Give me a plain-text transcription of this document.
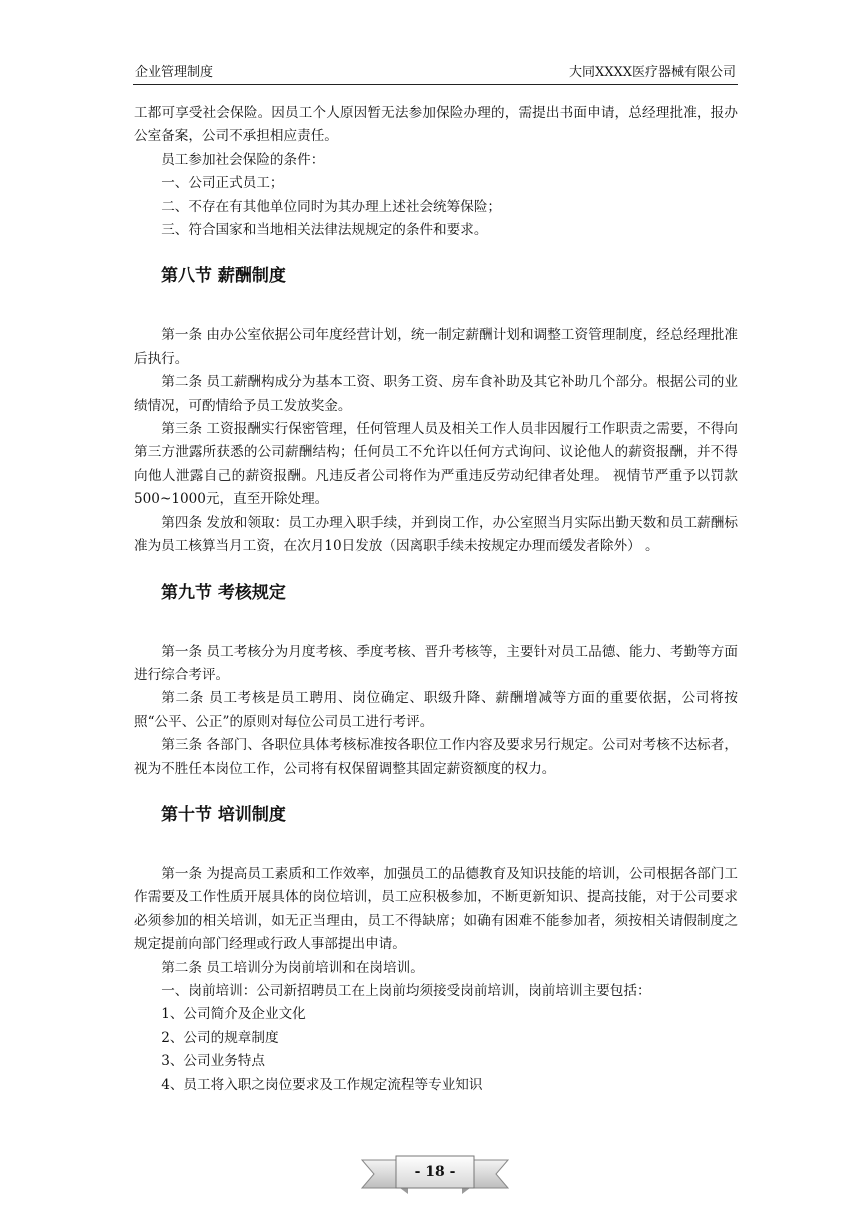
企业管理制度	大同XXXX医疗器械有限公司

工都可享受社会保险。因员工个人原因暂无法参加保险办理的，需提出书面申请，总经理批准，报办公室备案，公司不承担相应责任。

员工参加社会保险的条件：

一、公司正式员工；

二、不存在有其他单位同时为其办理上述社会统筹保险；

三、符合国家和当地相关法律法规规定的条件和要求。

第八节 薪酬制度

第一条 由办公室依据公司年度经营计划，统一制定薪酬计划和调整工资管理制度，经总经理批准后执行。

第二条 员工薪酬构成分为基本工资、职务工资、房车食补助及其它补助几个部分。根据公司的业绩情况，可酌情给予员工发放奖金。

第三条 工资报酬实行保密管理，任何管理人员及相关工作人员非因履行工作职责之需要，不得向第三方泄露所获悉的公司薪酬结构；任何员工不允许以任何方式询问、议论他人的薪资报酬，并不得向他人泄露自己的薪资报酬。凡违反者公司将作为严重违反劳动纪律者处理。 视情节严重予以罚款500~1000元，直至开除处理。

第四条 发放和领取：员工办理入职手续，并到岗工作，办公室照当月实际出勤天数和员工薪酬标准为员工核算当月工资，在次月10日发放（因离职手续未按规定办理而缓发者除外） 。

第九节 考核规定

第一条 员工考核分为月度考核、季度考核、晋升考核等，主要针对员工品德、能力、考勤等方面进行综合考评。

第二条 员工考核是员工聘用、岗位确定、职级升降、薪酬增减等方面的重要依据，公司将按照“公平、公正”的原则对每位公司员工进行考评。

第三条 各部门、各职位具体考核标准按各职位工作内容及要求另行规定。公司对考核不达标者，视为不胜任本岗位工作，公司将有权保留调整其固定薪资额度的权力。

第十节 培训制度

第一条 为提高员工素质和工作效率，加强员工的品德教育及知识技能的培训，公司根据各部门工作需要及工作性质开展具体的岗位培训，员工应积极参加，不断更新知识、提高技能，对于公司要求必须参加的相关培训，如无正当理由，员工不得缺席；如确有困难不能参加者，须按相关请假制度之规定提前向部门经理或行政人事部提出申请。

第二条 员工培训分为岗前培训和在岗培训。

一、岗前培训：公司新招聘员工在上岗前均须接受岗前培训，岗前培训主要包括：

1、公司简介及企业文化

2、公司的规章制度

3、公司业务特点

4、员工将入职之岗位要求及工作规定流程等专业知识

- 18 -
